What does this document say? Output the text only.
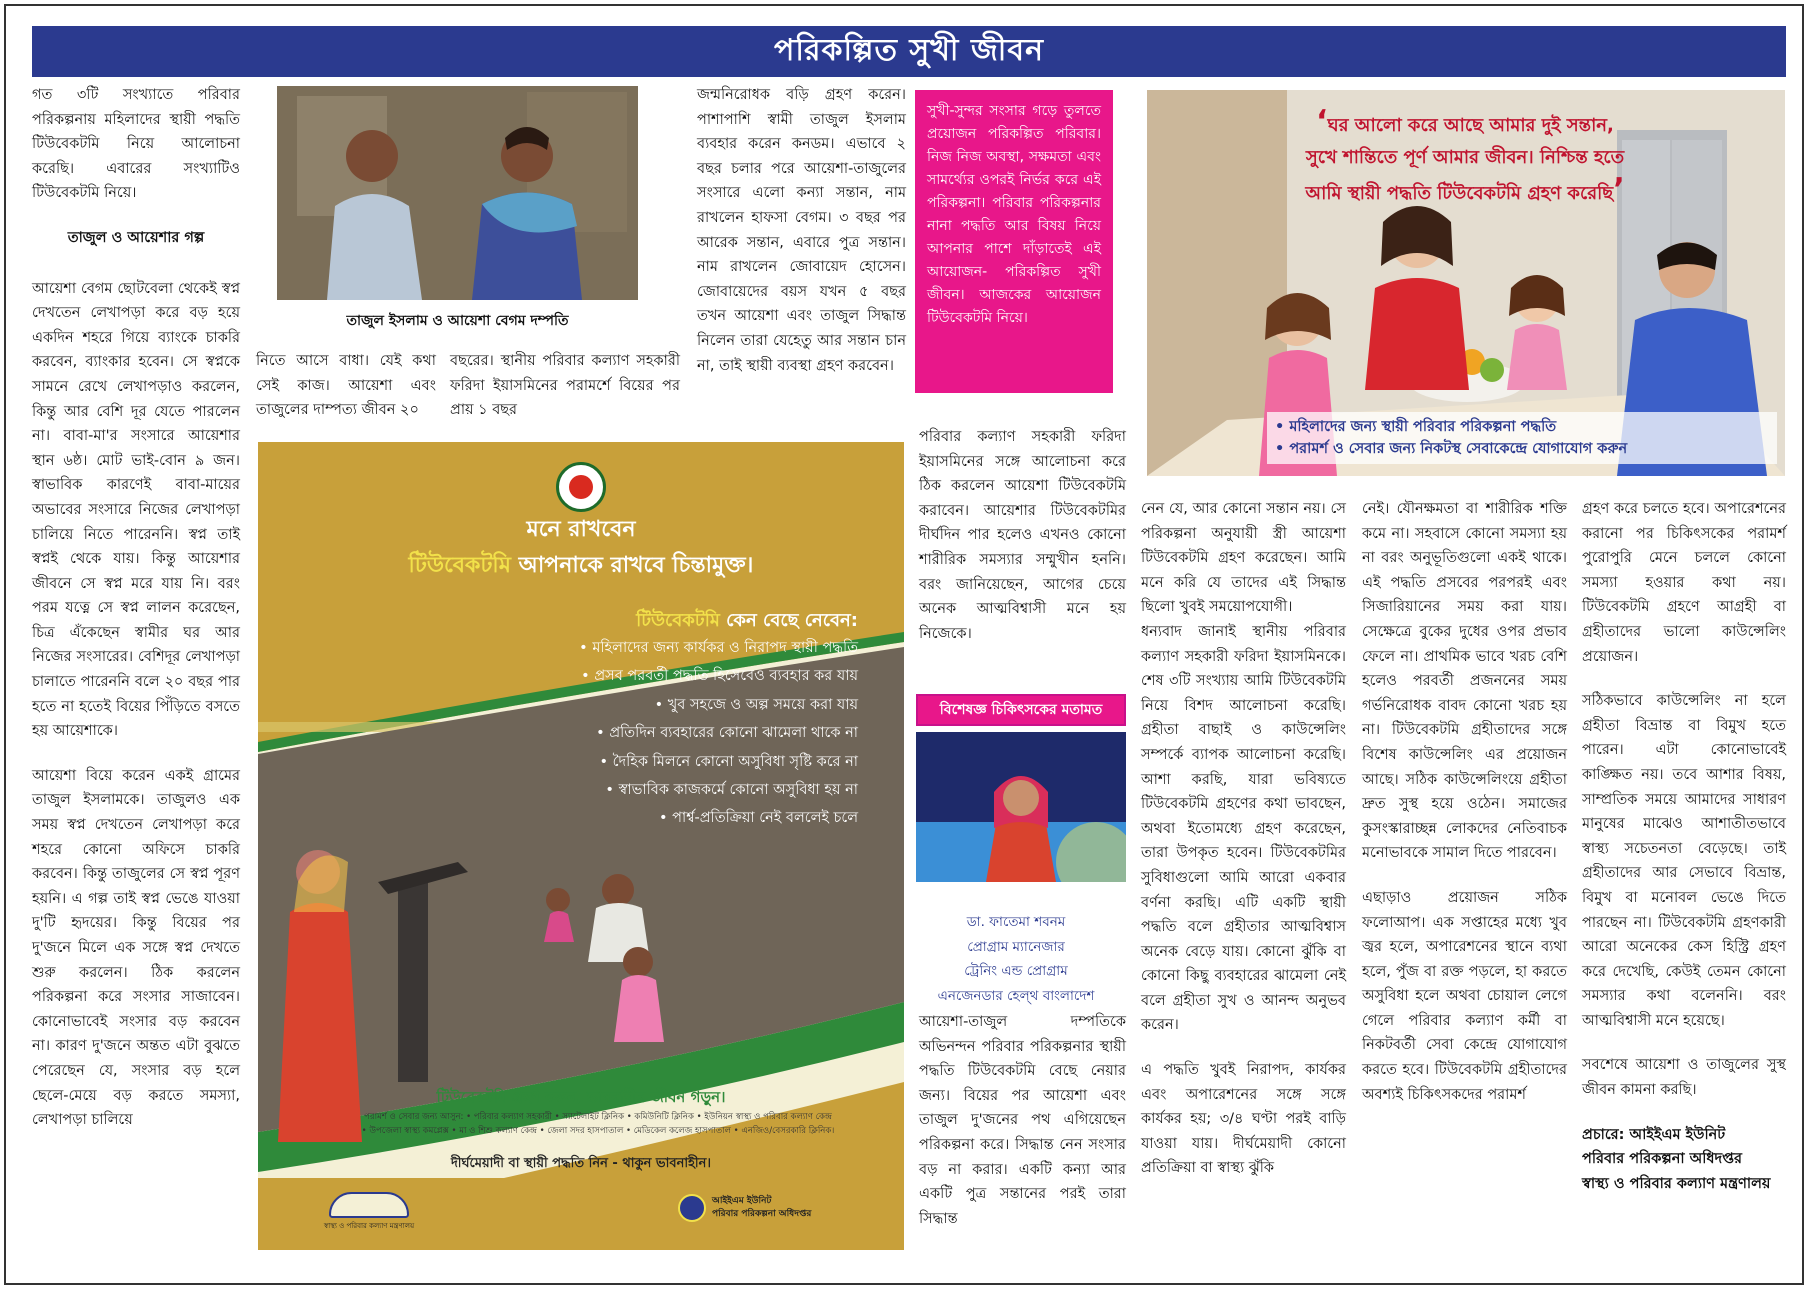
পরিকল্পিত সুখী জীবন

গত ৩টি সংখ্যাতে পরিবার পরিকল্পনায় মহিলাদের স্থায়ী পদ্ধতি টিউবেকটমি নিয়ে আলোচনা করেছি। এবারের সংখ্যাটিও টিউবেকটমি নিয়ে।

তাজুল ও আয়েশার গল্প

আয়েশা বেগম ছোটবেলা থেকেই স্বপ্ন দেখতেন লেখাপড়া করে বড় হয়ে একদিন শহরে গিয়ে ব্যাংকে চাকরি করবেন, ব্যাংকার হবেন। সে স্বপ্নকে সামনে রেখে লেখাপড়াও করলেন, কিন্তু আর বেশি দূর যেতে পারলেন না। বাবা-মা'র সংসারে আয়েশার স্থান ৬ষ্ঠ। মোট ভাই-বোন ৯ জন। স্বাভাবিক কারণেই বাবা-মায়ের অভাবের সংসারে নিজের লেখাপড়া চালিয়ে নিতে পারেননি। স্বপ্ন তাই স্বপ্নই থেকে যায়। কিন্তু আয়েশার জীবনে সে স্বপ্ন মরে যায় নি। বরং পরম যত্নে সে স্বপ্ন লালন করেছেন, চিত্র এঁকেছেন স্বামীর ঘর আর নিজের সংসারের। বেশিদূর লেখাপড়া চালাতে পারেননি বলে ২০ বছর পার হতে না হতেই বিয়ের পিঁড়িতে বসতে হয় আয়েশাকে।

আয়েশা বিয়ে করেন একই গ্রামের তাজুল ইসলামকে। তাজুলও এক সময় স্বপ্ন দেখতেন লেখাপড়া করে শহরে কোনো অফিসে চাকরি করবেন। কিন্তু তাজুলের সে স্বপ্ন পূরণ হয়নি। এ গল্প তাই স্বপ্ন ভেঙে যাওয়া দু'টি হৃদয়ের। কিন্তু বিয়ের পর দু'জনে মিলে এক সঙ্গে স্বপ্ন দেখতে শুরু করলেন। ঠিক করলেন পরিকল্পনা করে সংসার সাজাবেন। কোনোভাবেই সংসার বড় করবেন না। কারণ দু'জনে অন্তত এটা বুঝতে পেরেছেন যে, সংসার বড় হলে ছেলে-মেয়ে বড় করতে সমস্যা, লেখাপড়া চালিয়ে

তাজুল ইসলাম ও আয়েশা বেগম দম্পতি

নিতে আসে বাধা। যেই কথা সেই কাজ। আয়েশা এবং তাজুলের দাম্পত্য জীবন ২০

বছরের। স্থানীয় পরিবার কল্যাণ সহকারী ফরিদা ইয়াসমিনের পরামর্শে বিয়ের পর প্রায় ১ বছর

জন্মনিরোধক বড়ি গ্রহণ করেন। পাশাপাশি স্বামী তাজুল ইসলাম ব্যবহার করেন কনডম। এভাবে ২ বছর চলার পরে আয়েশা-তাজুলের সংসারে এলো কন্যা সন্তান, নাম রাখলেন হাফসা বেগম। ৩ বছর পর আরেক সন্তান, এবারে পুত্র সন্তান। নাম রাখলেন জোবায়েদ হোসেন। জোবায়েদের বয়স যখন ৫ বছর তখন আয়েশা এবং তাজুল সিদ্ধান্ত নিলেন তারা যেহেতু আর সন্তান চান না, তাই স্থায়ী ব্যবস্থা গ্রহণ করবেন।

সুখী-সুন্দর সংসার গড়ে তুলতে প্রয়োজন পরিকল্পিত পরিবার। নিজ নিজ অবস্থা, সক্ষমতা এবং সামর্থ্যের ওপরই নির্ভর করে এই পরিকল্পনা। পরিবার পরিকল্পনার নানা পদ্ধতি আর বিষয় নিয়ে আপনার পাশে দাঁড়াতেই এই আয়োজন- পরিকল্পিত সুখী জীবন। আজকের আয়োজন টিউবেকটমি নিয়ে।
‘ঘর আলো করে আছে আমার দুই সন্তান,
সুখে শান্তিতে পূর্ণ আমার জীবন। নিশ্চিন্ত হতে
আমি স্থায়ী পদ্ধতি টিউবেকটমি গ্রহণ করেছি’
• মহিলাদের জন্য স্থায়ী পরিবার পরিকল্পনা পদ্ধতি
• পরামর্শ ও সেবার জন্য নিকটস্থ সেবাকেন্দ্রে যোগাযোগ করুন
মনে রাখবেন
টিউবেকটমি আপনাকে রাখবে চিন্তামুক্ত।
টিউবেকটমি কেন বেছে নেবেন:
• মহিলাদের জন্য কার্যকর ও নিরাপদ স্থায়ী পদ্ধতি
• প্রসব পরবর্তী পদ্ধতি হিসেবেও ব্যবহার কর যায়
• খুব সহজে ও অল্প সময়ে করা যায়
• প্রতিদিন ব্যবহারের কোনো ঝামেলা থাকে না
• দৈহিক মিলনে কোনো অসুবিধা সৃষ্টি করে না
• স্বাভাবিক কাজকর্মে কোনো অসুবিধা হয় না
• পার্শ্ব-প্রতিক্রিয়া নেই বললেই চলে
টিউবেকটমি গ্রহণ করুন, ভাবনাহীন জীবন গড়ুন।
পরামর্শ ও সেবার জন্য আসুন: • পরিবার কল্যাণ সহকারী • স্যাটেলাইট ক্লিনিক • কমিউনিটি ক্লিনিক • ইউনিয়ন স্বাস্থ্য ও পরিবার কল্যাণ কেন্দ্র
• উপজেলা স্বাস্থ্য কমপ্লেক্স • মা ও শিশু কল্যাণ কেন্দ্র • জেলা সদর হাসপাতাল • মেডিকেল কলেজ হাসপাতাল • এনজিও/বেসরকারি ক্লিনিক।
দীর্ঘমেয়াদী বা স্থায়ী পদ্ধতি নিন - থাকুন ভাবনাহীন।
স্বাস্থ্য ও পরিবার কল্যাণ মন্ত্রণালয়
আইইএম ইউনিট
পরিবার পরিকল্পনা অধিদপ্তর

পরিবার কল্যাণ সহকারী ফরিদা ইয়াসমিনের সঙ্গে আলোচনা করে ঠিক করলেন আয়েশা টিউবেকটমি করাবেন। আয়েশার টিউবেকটমির দীর্ঘদিন পার হলেও এখনও কোনো শারীরিক সমস্যার সম্মুখীন হননি। বরং জানিয়েছেন, আগের চেয়ে অনেক আত্মবিশ্বাসী মনে হয় নিজেকে।

বিশেষজ্ঞ চিকিৎসকের মতামত
ডা. ফাতেমা শবনম
প্রোগ্রাম ম্যানেজার
ট্রেনিং এন্ড প্রোগ্রাম
এনজেনডার হেল্থ বাংলাদেশ

আয়েশা-তাজুল দম্পতিকে অভিনন্দন পরিবার পরিকল্পনার স্থায়ী পদ্ধতি টিউবেকটমি বেছে নেয়ার জন্য। বিয়ের পর আয়েশা এবং তাজুল দু'জনের পথ এগিয়েছেন পরিকল্পনা করে। সিদ্ধান্ত নেন সংসার বড় না করার। একটি কন্যা আর একটি পুত্র সন্তানের পরই তারা সিদ্ধান্ত

নেন যে, আর কোনো সন্তান নয়। সে পরিকল্পনা অনুযায়ী স্ত্রী আয়েশা টিউবেকটমি গ্রহণ করেছেন। আমি মনে করি যে তাদের এই সিদ্ধান্ত ছিলো খুবই সময়োপযোগী।

ধন্যবাদ জানাই স্থানীয় পরিবার কল্যাণ সহকারী ফরিদা ইয়াসমিনকে। শেষ ৩টি সংখ্যায় আমি টিউবেকটমি নিয়ে বিশদ আলোচনা করেছি। গ্রহীতা বাছাই ও কাউন্সেলিং সম্পর্কে ব্যাপক আলোচনা করেছি। আশা করছি, যারা ভবিষ্যতে টিউবেকটমি গ্রহণের কথা ভাবছেন, অথবা ইতোমধ্যে গ্রহণ করেছেন, তারা উপকৃত হবেন। টিউবেকটমির সুবিধাগুলো আমি আরো একবার বর্ণনা করছি। এটি একটি স্থায়ী পদ্ধতি বলে গ্রহীতার আত্মবিশ্বাস অনেক বেড়ে যায়। কোনো ঝুঁকি বা কোনো কিছু ব্যবহারের ঝামেলা নেই বলে গ্রহীতা সুখ ও আনন্দ অনুভব করেন।

এ পদ্ধতি খুবই নিরাপদ, কার্যকর এবং অপারেশনের সঙ্গে সঙ্গে কার্যকর হয়; ৩/৪ ঘণ্টা পরই বাড়ি যাওয়া যায়। দীর্ঘমেয়াদী কোনো প্রতিক্রিয়া বা স্বাস্থ্য ঝুঁকি

নেই। যৌনক্ষমতা বা শারীরিক শক্তি কমে না। সহবাসে কোনো সমস্যা হয় না বরং অনুভূতিগুলো একই থাকে। এই পদ্ধতি প্রসবের পরপরই এবং সিজারিয়ানের সময় করা যায়। সেক্ষেত্রে বুকের দুধের ওপর প্রভাব ফেলে না। প্রাথমিক ভাবে খরচ বেশি হলেও পরবর্তী প্রজননের সময় গর্ভনিরোধক বাবদ কোনো খরচ হয় না। টিউবেকটমি গ্রহীতাদের সঙ্গে বিশেষ কাউন্সেলিং এর প্রয়োজন আছে। সঠিক কাউন্সেলিংয়ে গ্রহীতা দ্রুত সুস্থ হয়ে ওঠেন। সমাজের কুসংস্কারাচ্ছন্ন লোকদের নেতিবাচক মনোভাবকে সামাল দিতে পারবেন।

এছাড়াও প্রয়োজন সঠিক ফলোআপ। এক সপ্তাহের মধ্যে খুব জ্বর হলে, অপারেশনের স্থানে ব্যথা হলে, পুঁজ বা রক্ত পড়লে, হা করতে অসুবিধা হলে অথবা চোয়াল লেগে গেলে পরিবার কল্যাণ কর্মী বা নিকটবর্তী সেবা কেন্দ্রে যোগাযোগ করতে হবে। টিউবেকটমি গ্রহীতাদের অবশ্যই চিকিৎসকদের পরামর্শ

গ্রহণ করে চলতে হবে। অপারেশনের করানো পর চিকিৎসকের পরামর্শ পুরোপুরি মেনে চললে কোনো সমস্যা হওয়ার কথা নয়। টিউবেকটমি গ্রহণে আগ্রহী বা গ্রহীতাদের ভালো কাউন্সেলিং প্রয়োজন।

সঠিকভাবে কাউন্সেলিং না হলে গ্রহীতা বিভ্রান্ত বা বিমুখ হতে পারেন। এটা কোনোভাবেই কাঙ্ক্ষিত নয়। তবে আশার বিষয়, সাম্প্রতিক সময়ে আমাদের সাধারণ মানুষের মাঝেও আশাতীতভাবে স্বাস্থ্য সচেতনতা বেড়েছে। তাই গ্রহীতাদের আর সেভাবে বিভ্রান্ত, বিমুখ বা মনোবল ভেঙে দিতে পারছেন না। টিউবেকটমি গ্রহণকারী আরো অনেকের কেস হিস্ট্রি গ্রহণ করে দেখেছি, কেউই তেমন কোনো সমস্যার কথা বলেননি। বরং আত্মবিশ্বাসী মনে হয়েছে।

সবশেষে আয়েশা ও তাজুলের সুস্থ জীবন কামনা করছি।

প্রচারে: আইইএম ইউনিট
পরিবার পরিকল্পনা অধিদপ্তর
স্বাস্থ্য ও পরিবার কল্যাণ মন্ত্রণালয়
